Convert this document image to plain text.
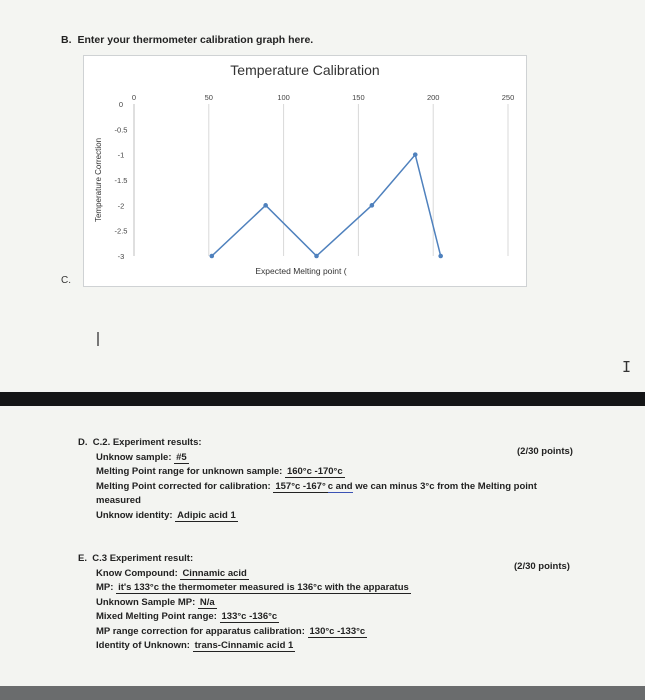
B. Enter your thermometer calibration graph here.
Temperature Calibration
50	100	150	200	250
0
0
-0.5
-1
-1.5
-2
-2.5
-3
Temperature Correction
Expected Melting point (
C.
I
D. C.2. Experiment results:
Unknow sample: #5
Melting Point range for unknown sample: 160°c -170°c
Melting Point corrected for calibration: 157°c -167° c and we can minus 3°c from the Melting point
measured
Unknow identity: Adipic acid 1
(2/30 points)
E. C.3 Experiment result:
Know Compound: Cinnamic acid
MP: it's 133°c the thermometer measured is 136°c with the apparatus
Unknown Sample MP: N/a
Mixed Melting Point range: 133°c -136°c
MP range correction for apparatus calibration: 130°c -133°c
Identity of Unknown: trans-Cinnamic acid 1
(2/30 points)
